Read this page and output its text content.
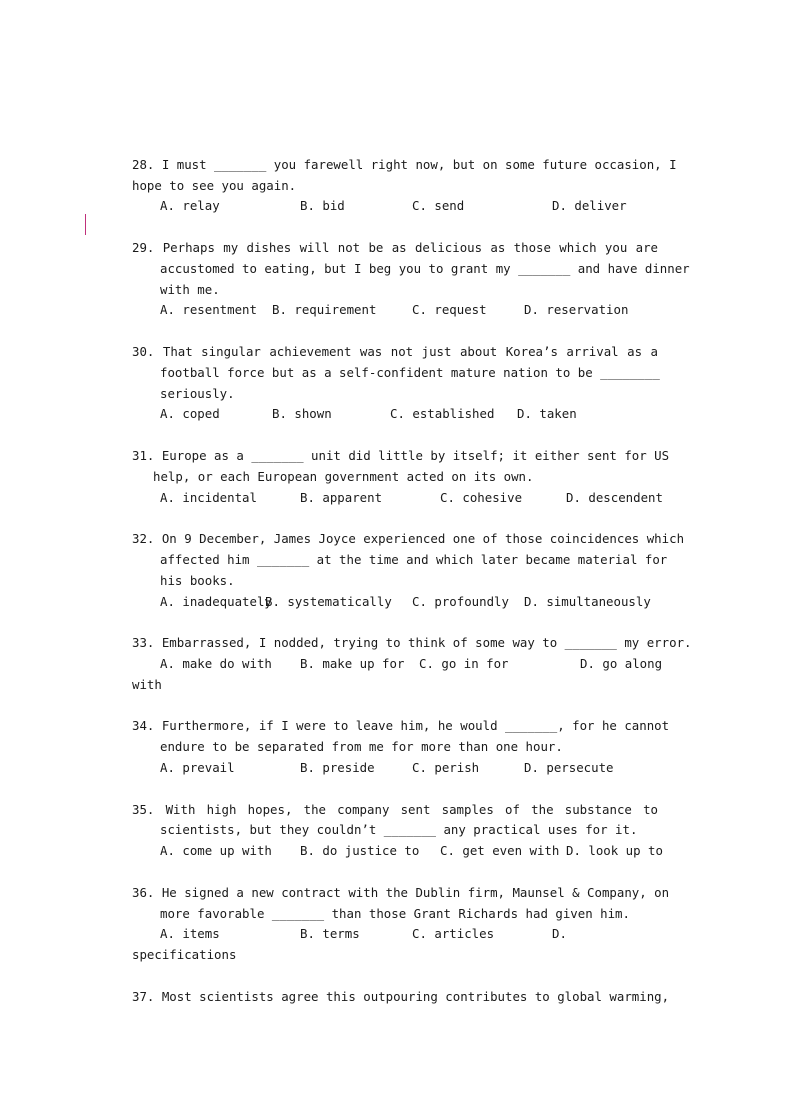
28. I must _______ you farewell right now, but on some future occasion, I
hope to see you again.
A. relay	B. bid	C. send	D. deliver
29. Perhaps my dishes will not be as delicious as those which you are
accustomed to eating, but I beg you to grant my _______ and have dinner
with me.
A. resentment B. requirement	C. request	D. reservation
30. That singular achievement was not just about Korea’s arrival as a
football force but as a self-confident mature nation to be ________
seriously.
A. coped	B. shown	C. established D. taken
31. Europe as a _______ unit did little by itself; it either sent for US
help, or each European government acted on its own.
A. incidental	B. apparent	C. cohesive	D. descendent
32. On 9 December, James Joyce experienced one of those coincidences which
affected him _______ at the time and which later became material for
his books.
A. inadequately
B. systematically C. profoundly D. simultaneously
33. Embarrassed, I nodded, trying to think of some way to _______ my error.
A. make do with B. make up for C. go in for	D. go along
with
34. Furthermore, if I were to leave him, he would _______, for he cannot
endure to be separated from me for more than one hour.
A. prevail	B. preside	C. perish	D. persecute
35. With high hopes, the company sent samples of the substance to
scientists, but they couldn’t _______ any practical uses for it.
A. come up with B. do justice to C. get even with D. look up to
36. He signed a new contract with the Dublin firm, Maunsel & Company, on
more favorable _______ than those Grant Richards had given him.
A. items	B. terms	C. articles	D.
specifications
37. Most scientists agree this outpouring contributes to global warming,
